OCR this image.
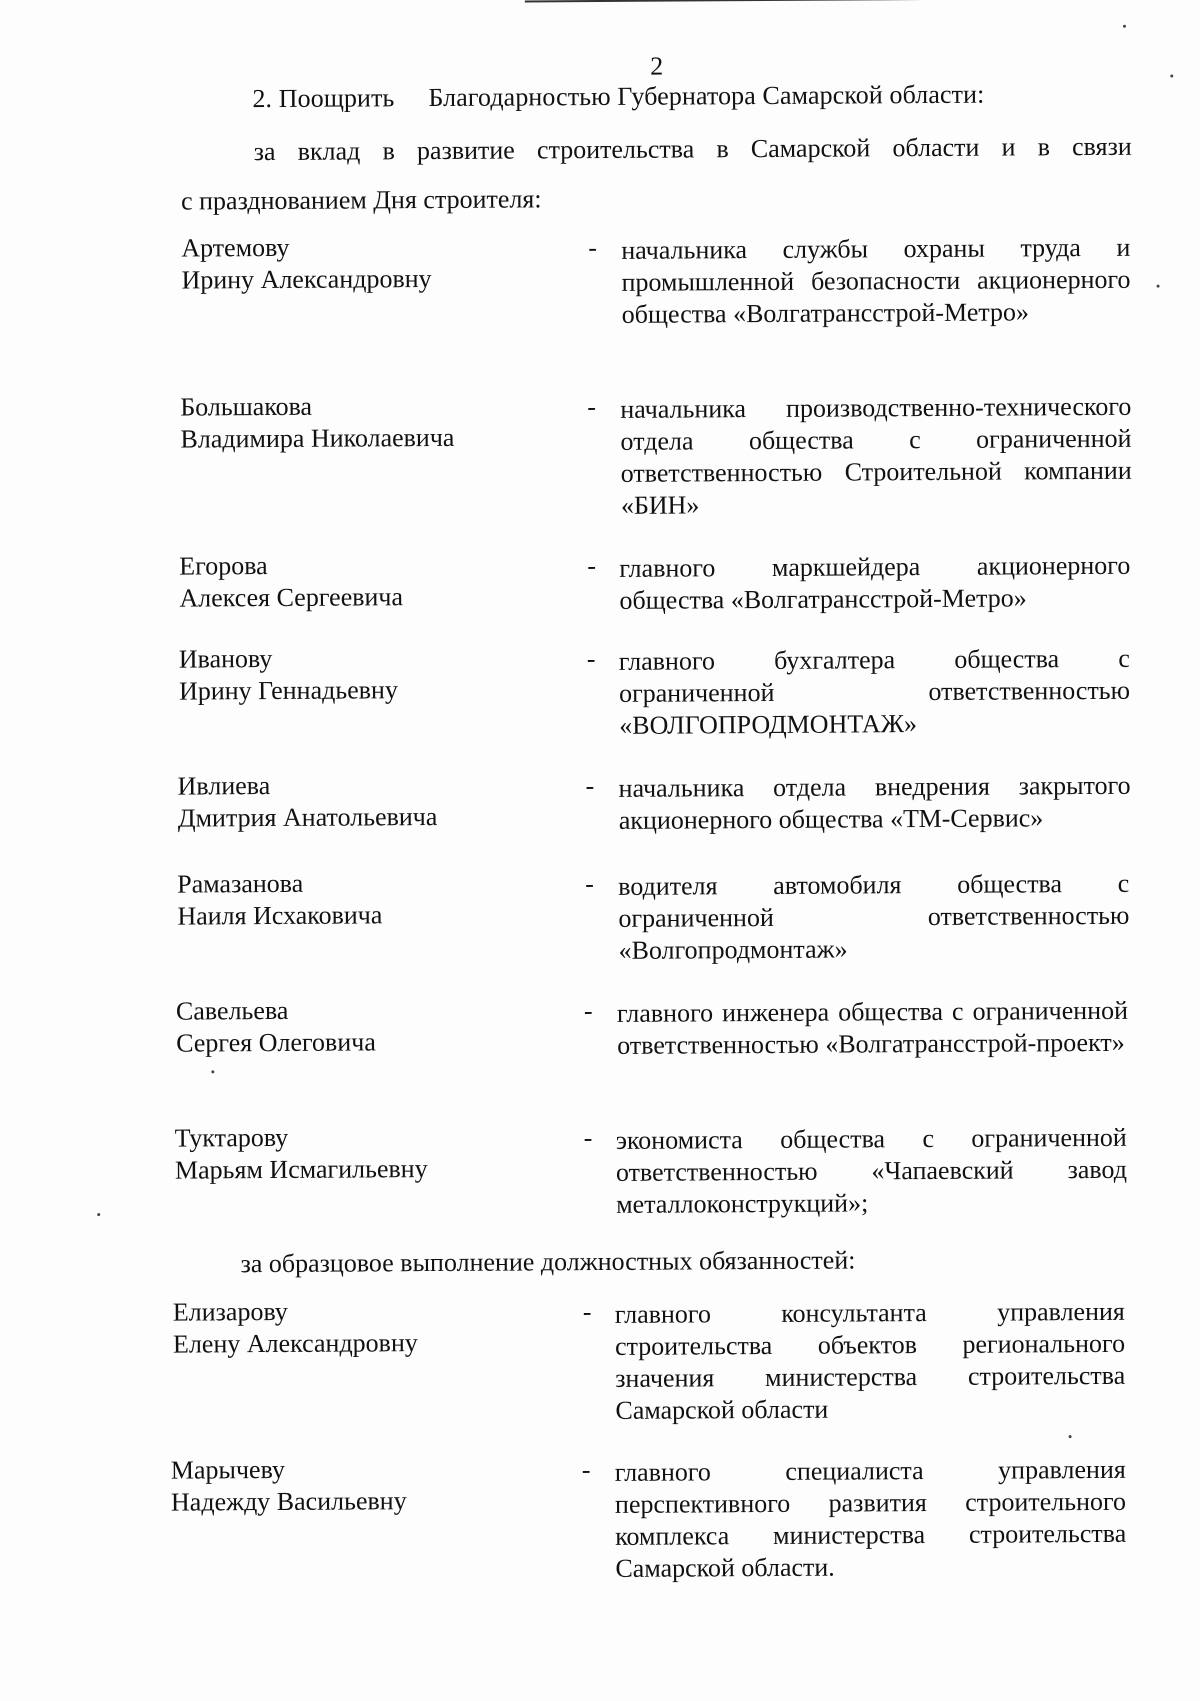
2
2. Поощрить Благодарностью Губернатора Самарской области:
за вклад в развитие строительства в Самарской области и в связи
с празднованием Дня строителя:
Артемову
Ирину Александровну
- начальника службы охраны труда и промышленной безопасности акционерного общества «Волгатрансстрой-Метро»
Большакова
Владимира Николаевича
- начальника производственно-технического отдела общества с ограниченной ответственностью Строительной компании «БИН»
Егорова
Алексея Сергеевича
- главного маркшейдера акционерного общества «Волгатрансстрой-Метро»
Иванову
Ирину Геннадьевну
- главного бухгалтера общества с ограниченной ответственностью «ВОЛГОПРОДМОНТАЖ»
Ивлиева
Дмитрия Анатольевича
- начальника отдела внедрения закрытого акционерного общества «ТМ-Сервис»
Рамазанова
Наиля Исхаковича
- водителя автомобиля общества с ограниченной ответственностью «Волгопродмонтаж»
Савельева
Сергея Олеговича
- главного инженера общества с ограниченной ответственностью «Волгатрансстрой-проект»
Туктарову
Марьям Исмагильевну
- экономиста общества с ограниченной ответственностью «Чапаевский завод металлоконструкций»;
за образцовое выполнение должностных обязанностей:
Елизарову
Елену Александровну
- главного консультанта управления строительства объектов регионального значения министерства строительства Самарской области
Марычеву
Надежду Васильевну
- главного специалиста управления перспективного развития строительного комплекса министерства строительства Самарской области.
